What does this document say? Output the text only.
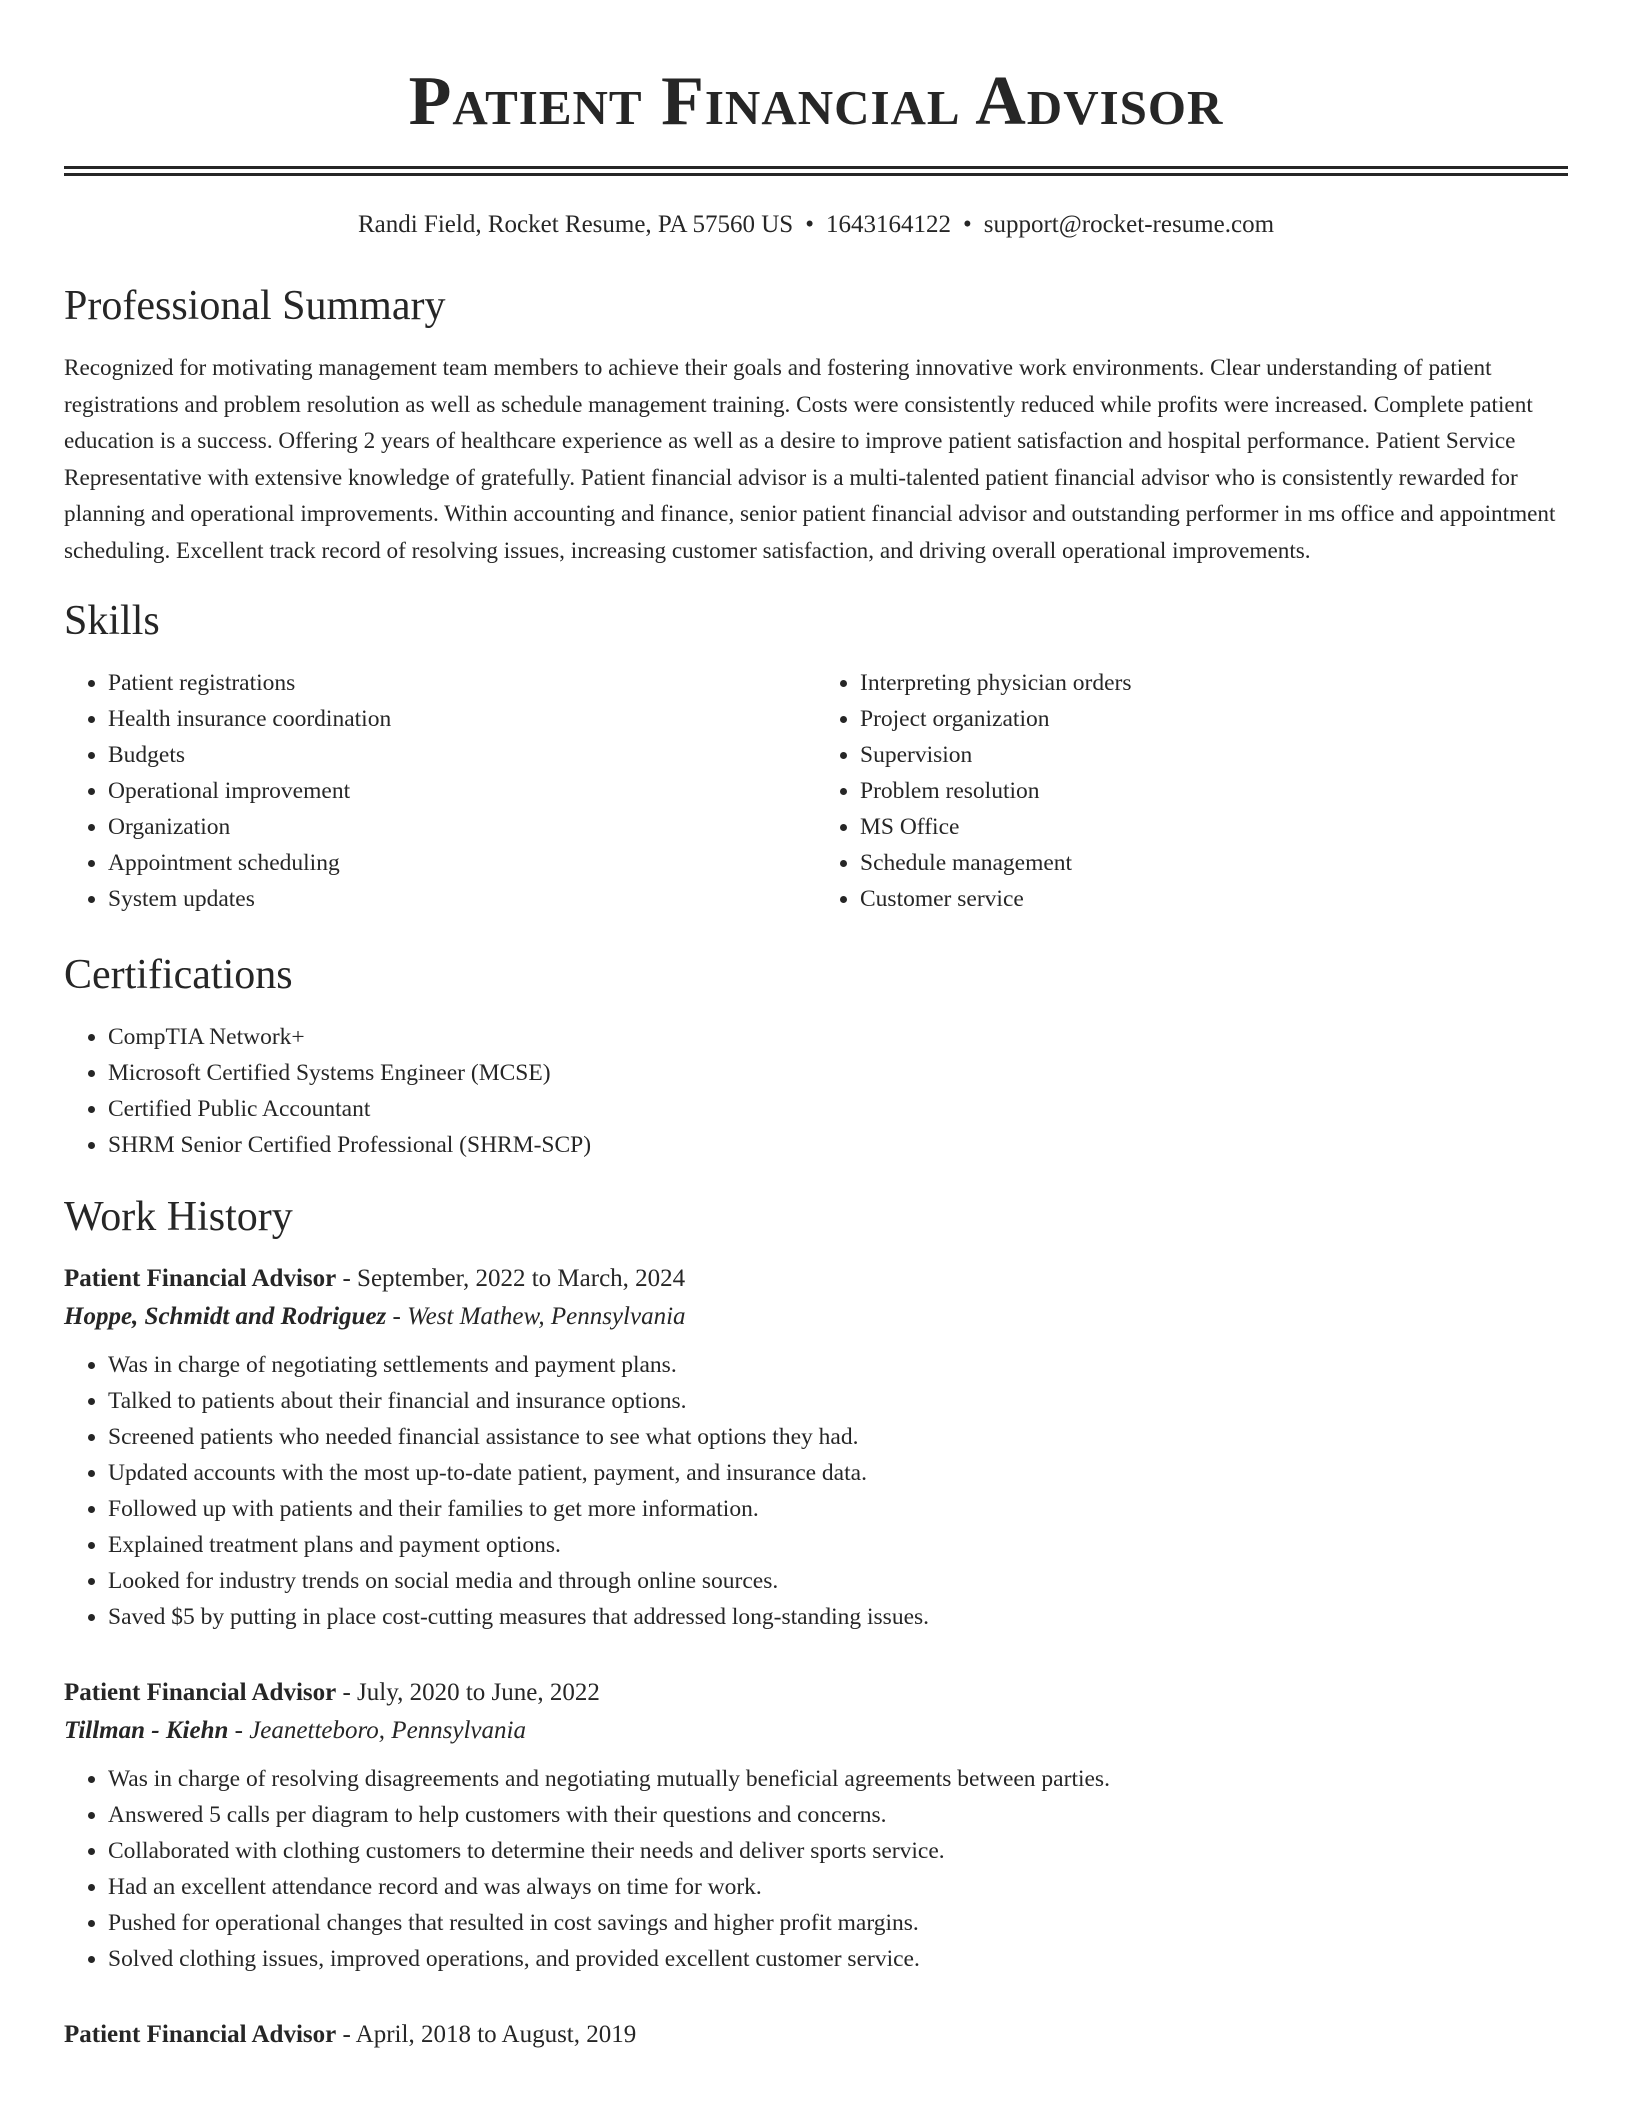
Patient Financial Advisor
Randi Field, Rocket Resume, PA 57560 US • 1643164122 • support@rocket-resume.com
Professional Summary

Recognized for motivating management team members to achieve their goals and fostering innovative work environments. Clear understanding of patient registrations and problem resolution as well as schedule management training. Costs were consistently reduced while profits were increased. Complete patient education is a success. Offering 2 years of healthcare experience as well as a desire to improve patient satisfaction and hospital performance. Patient Service Representative with extensive knowledge of gratefully. Patient financial advisor is a multi-talented patient financial advisor who is consistently rewarded for planning and operational improvements. Within accounting and finance, senior patient financial advisor and outstanding performer in ms office and appointment scheduling. Excellent track record of resolving issues, increasing customer satisfaction, and driving overall operational improvements.

Skills
• Patient registrations
• Health insurance coordination
• Budgets
• Operational improvement
• Organization
• Appointment scheduling
• System updates
• Interpreting physician orders
• Project organization
• Supervision
• Problem resolution
• MS Office
• Schedule management
• Customer service
Certifications
• CompTIA Network+
• Microsoft Certified Systems Engineer (MCSE)
• Certified Public Accountant
• SHRM Senior Certified Professional (SHRM-SCP)
Work History
Patient Financial Advisor - September, 2022 to March, 2024
Hoppe, Schmidt and Rodriguez - West Mathew, Pennsylvania
• Was in charge of negotiating settlements and payment plans.
• Talked to patients about their financial and insurance options.
• Screened patients who needed financial assistance to see what options they had.
• Updated accounts with the most up-to-date patient, payment, and insurance data.
• Followed up with patients and their families to get more information.
• Explained treatment plans and payment options.
• Looked for industry trends on social media and through online sources.
• Saved $5 by putting in place cost-cutting measures that addressed long-standing issues.
Patient Financial Advisor - July, 2020 to June, 2022
Tillman - Kiehn - Jeanetteboro, Pennsylvania
• Was in charge of resolving disagreements and negotiating mutually beneficial agreements between parties.
• Answered 5 calls per diagram to help customers with their questions and concerns.
• Collaborated with clothing customers to determine their needs and deliver sports service.
• Had an excellent attendance record and was always on time for work.
• Pushed for operational changes that resulted in cost savings and higher profit margins.
• Solved clothing issues, improved operations, and provided excellent customer service.
Patient Financial Advisor - April, 2018 to August, 2019
